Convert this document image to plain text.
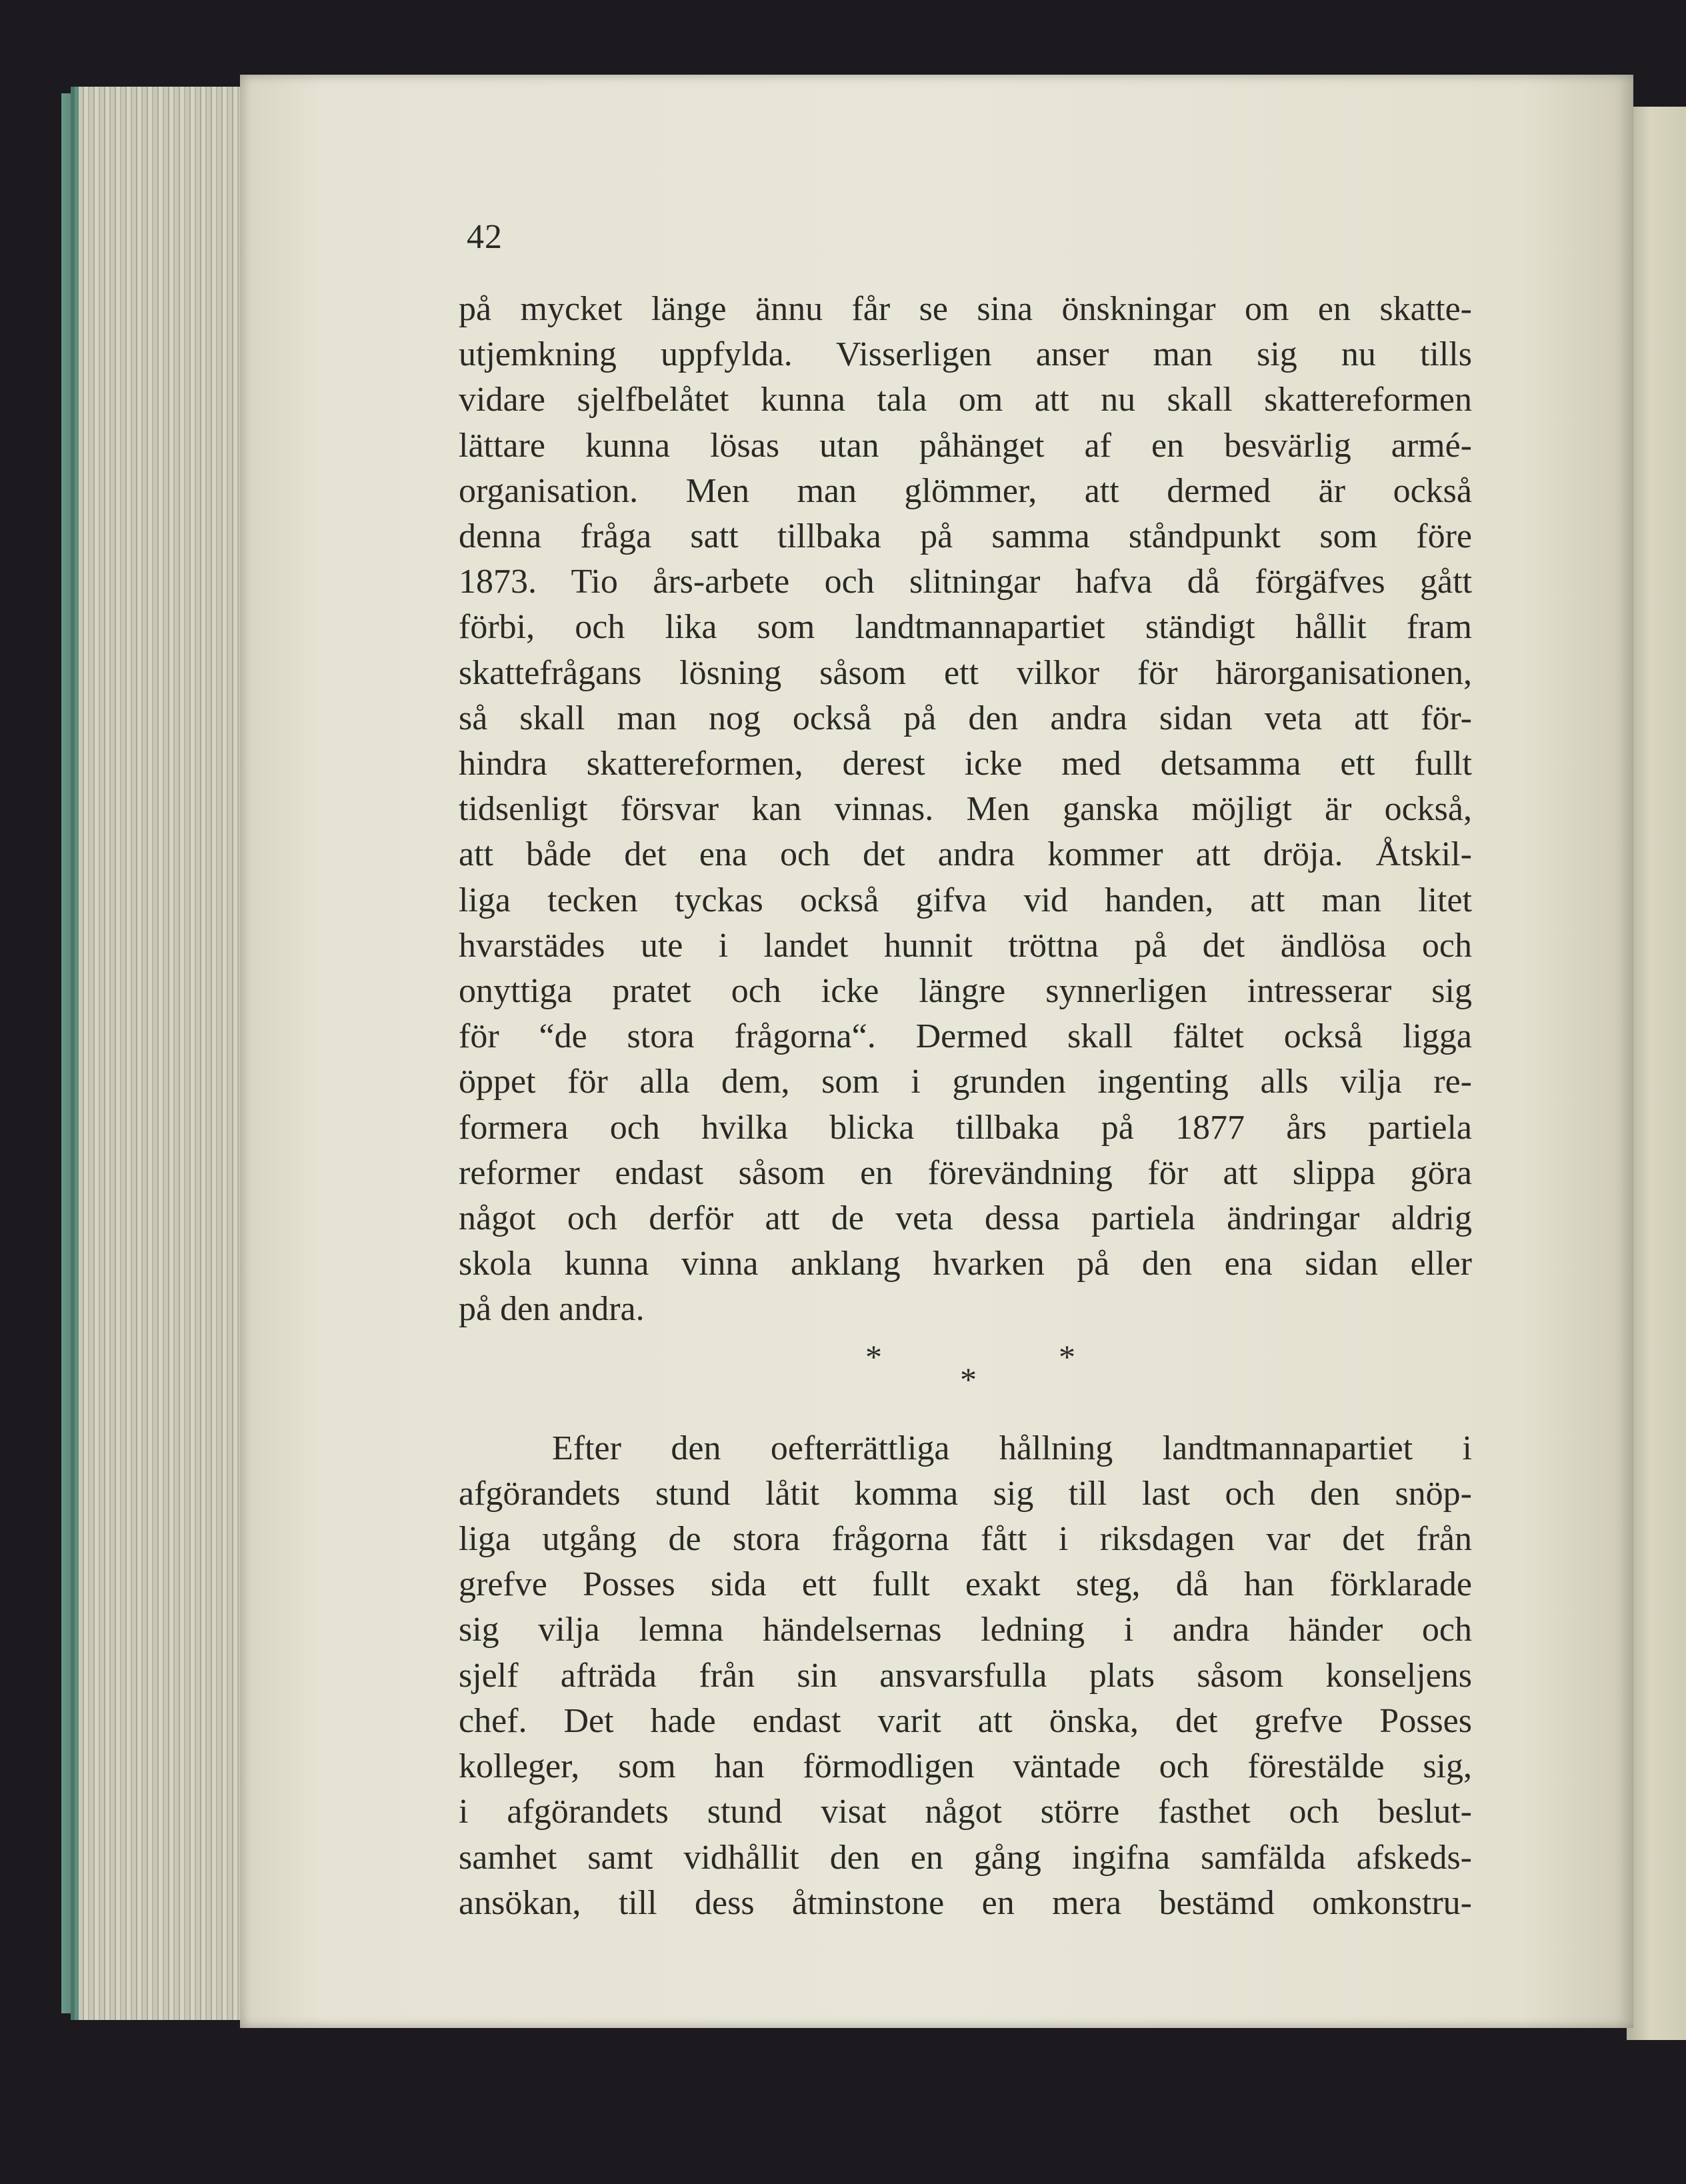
42
på mycket länge ännu får se sina önskningar om en skatte-
utjemkning uppfylda. Visserligen anser man sig nu tills
vidare sjelfbelåtet kunna tala om att nu skall skattereformen
lättare kunna lösas utan påhänget af en besvärlig armé-
organisation. Men man glömmer, att dermed är också
denna fråga satt tillbaka på samma ståndpunkt som före
1873. Tio års-arbete och slitningar hafva då förgäfves gått
förbi, och lika som landtmannapartiet ständigt hållit fram
skattefrågans lösning såsom ett vilkor för härorganisationen,
så skall man nog också på den andra sidan veta att för-
hindra skattereformen, derest icke med detsamma ett fullt
tidsenligt försvar kan vinnas. Men ganska möjligt är också,
att både det ena och det andra kommer att dröja. Åtskil-
liga tecken tyckas också gifva vid handen, att man litet
hvarstädes ute i landet hunnit tröttna på det ändlösa och
onyttiga pratet och icke längre synnerligen intresserar sig
för “de stora frågorna“. Dermed skall fältet också ligga
öppet för alla dem, som i grunden ingenting alls vilja re-
formera och hvilka blicka tillbaka på 1877 års partiela
reformer endast såsom en förevändning för att slippa göra
något och derför att de veta dessa partiela ändringar aldrig
skola kunna vinna anklang hvarken på den ena sidan eller
på den andra.
*	*
*
Efter den oefterrättliga hållning landtmannapartiet i
afgörandets stund låtit komma sig till last och den snöp-
liga utgång de stora frågorna fått i riksdagen var det från
grefve Posses sida ett fullt exakt steg, då han förklarade
sig vilja lemna händelsernas ledning i andra händer och
sjelf afträda från sin ansvarsfulla plats såsom konseljens
chef. Det hade endast varit att önska, det grefve Posses
kolleger, som han förmodligen väntade och förestälde sig,
i afgörandets stund visat något större fasthet och beslut-
samhet samt vidhållit den en gång ingifna samfälda afskeds-
ansökan, till dess åtminstone en mera bestämd omkonstru-
